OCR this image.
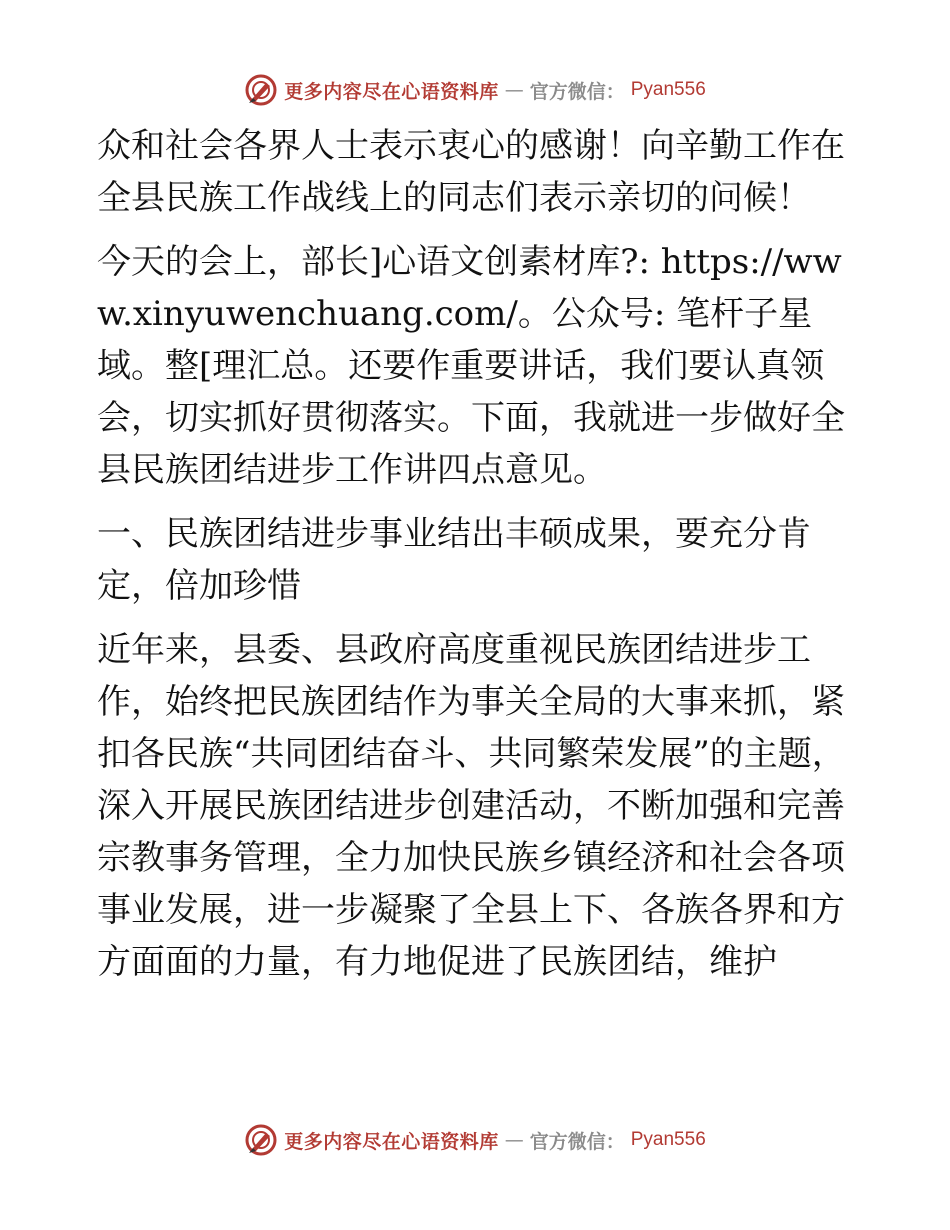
更多内容尽在心语资料库 — 官方微信： Pyan556

众和社会各界人士表示衷心的感谢！向辛勤工作在全县民族工作战线上的同志们表示亲切的问候！

今天的会上，部长]心语文创素材库?: https://www.xinyuwenchuang.com/。公众号: 笔杆子星域。整[理汇总。还要作重要讲话，我们要认真领会，切实抓好贯彻落实。下面，我就进一步做好全县民族团结进步工作讲四点意见。

一、民族团结进步事业结出丰硕成果，要充分肯定，倍加珍惜

近年来，县委、县政府高度重视民族团结进步工作，始终把民族团结作为事关全局的大事来抓，紧扣各民族“共同团结奋斗、共同繁荣发展”的主题，深入开展民族团结进步创建活动，不断加强和完善宗教事务管理，全力加快民族乡镇经济和社会各项事业发展，进一步凝聚了全县上下、各族各界和方方面面的力量，有力地促进了民族团结，维护

更多内容尽在心语资料库 — 官方微信： Pyan556
